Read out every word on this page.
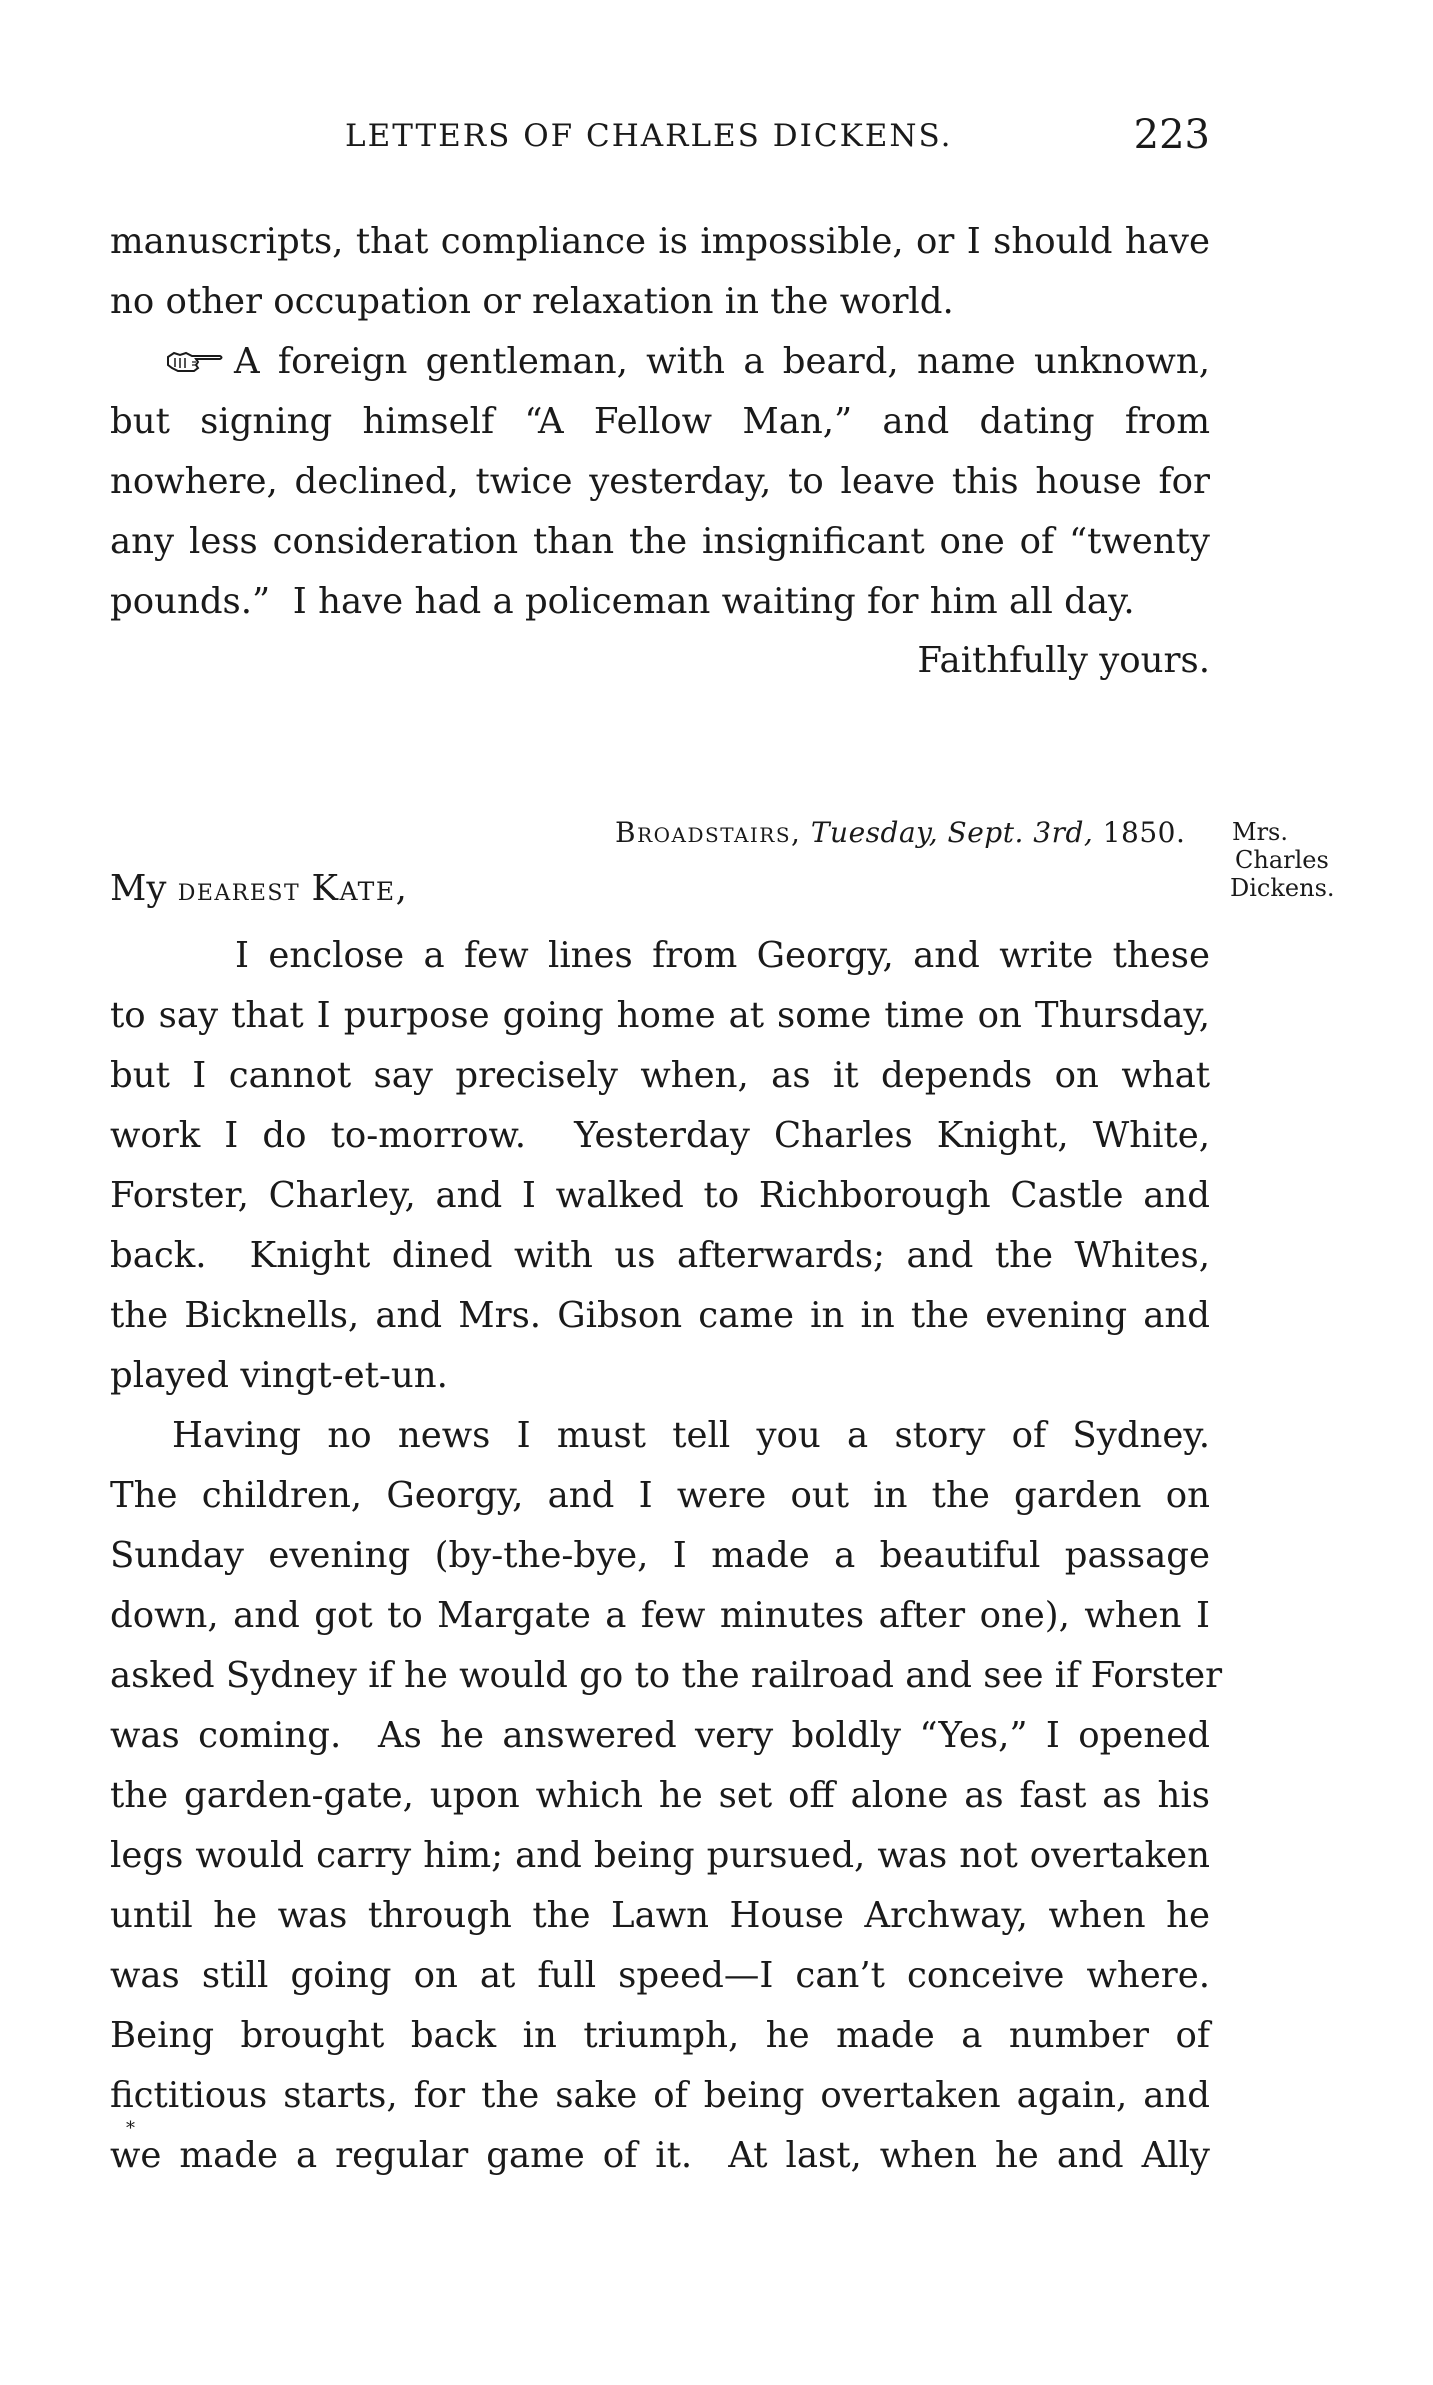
LETTERS OF CHARLES DICKENS.	223
manuscripts, that compliance is impossible, or I should have
no other occupation or relaxation in the world.
A foreign gentleman, with a beard, name unknown,
but signing himself “A Fellow Man,” and dating from
nowhere, declined, twice yesterday, to leave this house for
any less consideration than the insignificant one of “twenty
pounds.”  I have had a policeman waiting for him all day.
Faithfully yours.
Broadstairs, Tuesday, Sept. 3rd, 1850. Mrs.
Charles
Dickens.
My dearest Kate,
I enclose a few lines from Georgy, and write these
to say that I purpose going home at some time on Thursday,
but I cannot say precisely when, as it depends on what
work I do to-morrow.  Yesterday Charles Knight, White,
Forster, Charley, and I walked to Richborough Castle and
back.  Knight dined with us afterwards; and the Whites,
the Bicknells, and Mrs. Gibson came in in the evening and
played vingt-et-un.
Having no news I must tell you a story of Sydney.
The children, Georgy, and I were out in the garden on
Sunday evening (by-the-bye, I made a beautiful passage
down, and got to Margate a few minutes after one), when I
asked Sydney if he would go to the railroad and see if Forster
was coming.  As he answered very boldly “Yes,” I opened
the garden-gate, upon which he set off alone as fast as his
legs would carry him; and being pursued, was not overtaken
until he was through the Lawn House Archway, when he
was still going on at full speed—I can’t conceive where.
Being brought back in triumph, he made a number of
fictitious starts, for the sake of being overtaken again, and
we made a regular game of it.  At last, when he and Ally
*
